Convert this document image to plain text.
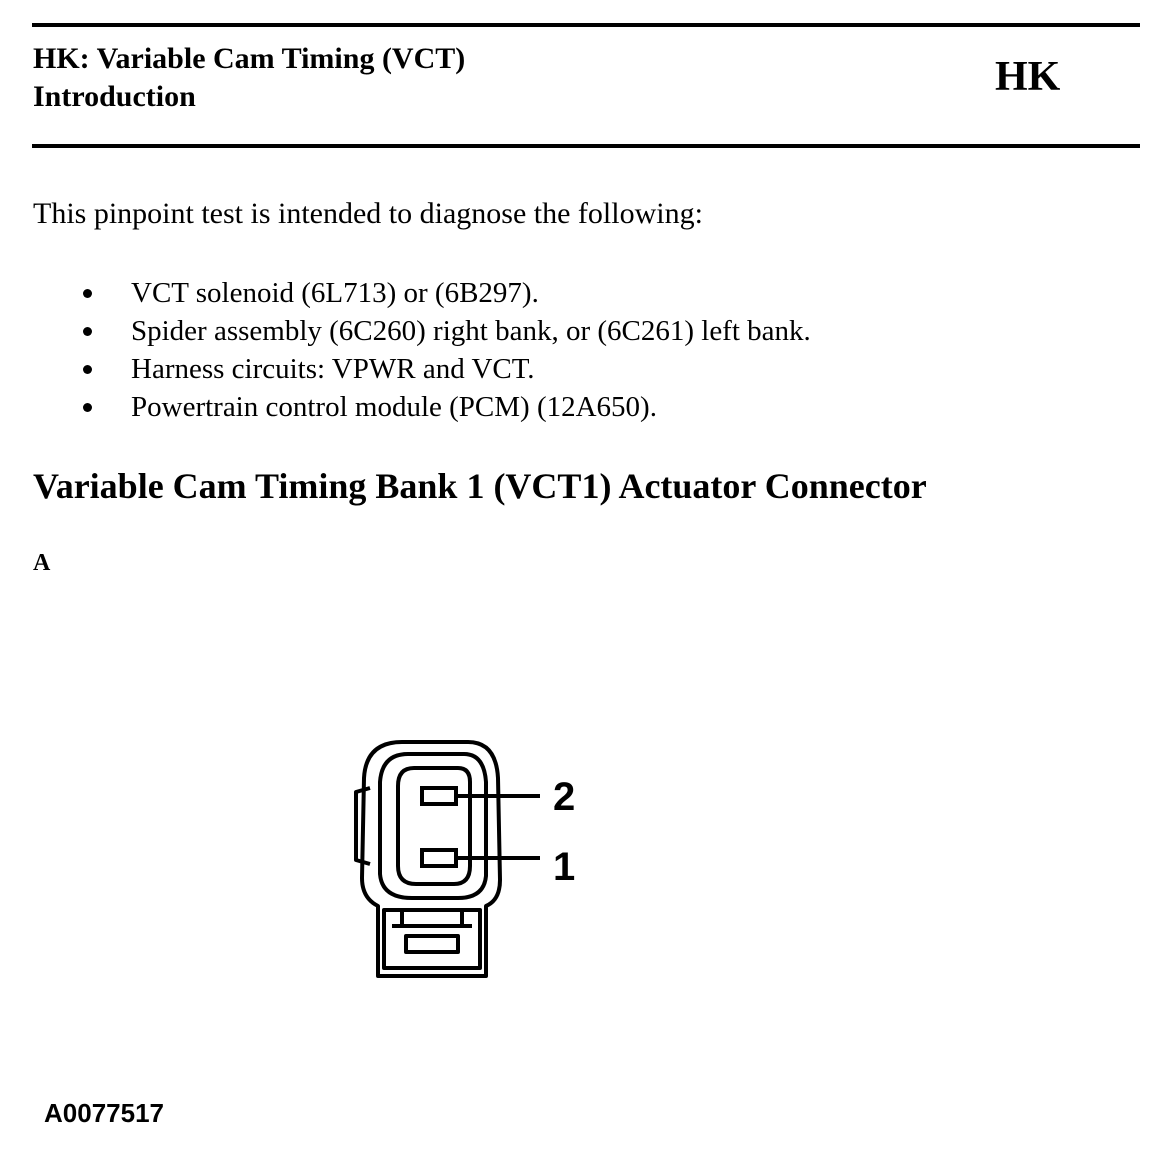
HK: Variable Cam Timing (VCT)
Introduction	HK
This pinpoint test is intended to diagnose the following:
VCT solenoid (6L713) or (6B297).
Spider assembly (6C260) right bank, or (6C261) left bank.
Harness circuits: VPWR and VCT.
Powertrain control module (PCM) (12A650).
Variable Cam Timing Bank 1 (VCT1) Actuator Connector
A
2
1
A0077517
